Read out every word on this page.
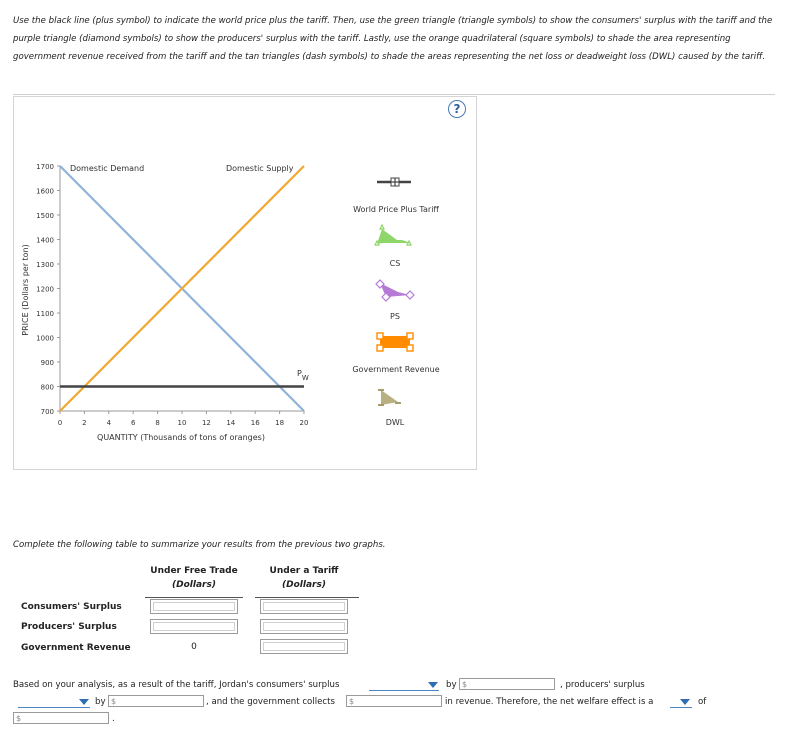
Use the black line (plus symbol) to indicate the world price plus the tariff. Then, use the green triangle (triangle symbols) to show the consumers' surplus with the tariff and the purple triangle (diamond symbols) to show the producers' surplus with the tariff. Lastly, use the orange quadrilateral (square symbols) to shade the area representing government revenue received from the tariff and the tan triangles (dash symbols) to shade the areas representing the net loss or deadweight loss (DWL) caused by the tariff.
?
1700
1600
1500
1400
1300
1200
1100
1000
900
800
700
0	2	4	6	8	10 12 14 16 18 20
PRICE (Dollars per ton)
QUANTITY (Thousands of tons of oranges)
Domestic Demand	Domestic Supply
PW
World Price Plus Tariff
CS
PS
Government Revenue
DWL
Complete the following table to summarize your results from the previous two graphs.
Under Free Trade
(Dollars)
Under a Tariff
(Dollars)
Consumers' Surplus
Producers' Surplus
Government Revenue	0
Based on your analysis, as a result of the tariff, Jordan's consumers' surplus	by $	, producers' surplus
by $	, and the government collects	$	in revenue. Therefore, the net welfare effect is a	of
$	.
